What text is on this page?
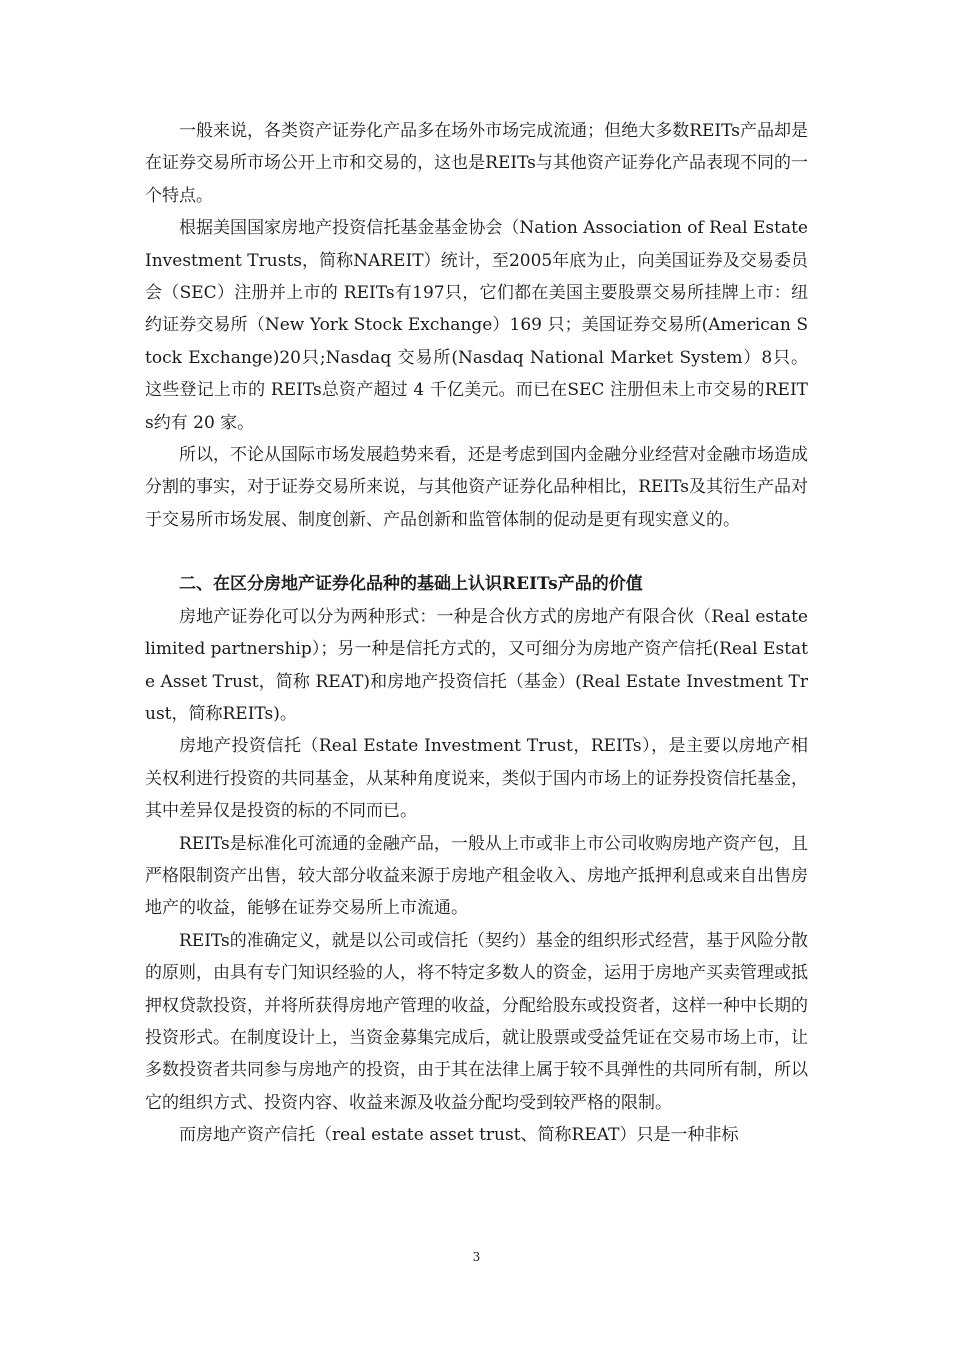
一般来说，各类资产证券化产品多在场外市场完成流通；但绝大多数REITs产品却是在证券交易所市场公开上市和交易的，这也是REITs与其他资产证券化产品表现不同的一个特点。

根据美国国家房地产投资信托基金基金协会（Nation Association of Real Estate Investment Trusts，简称NAREIT）统计，至2005年底为止，向美国证券及交易委员会（SEC）注册并上市的 REITs有197只，它们都在美国主要股票交易所挂牌上市：纽约证券交易所（New York Stock Exchange）169 只；美国证券交易所(American Stock Exchange)20只;Nasdaq 交易所(Nasdaq National Market System）8只。这些登记上市的 REITs总资产超过 4 千亿美元。而已在SEC 注册但未上市交易的REITs约有 20 家。

所以，不论从国际市场发展趋势来看，还是考虑到国内金融分业经营对金融市场造成分割的事实，对于证券交易所来说，与其他资产证券化品种相比，REITs及其衍生产品对于交易所市场发展、制度创新、产品创新和监管体制的促动是更有现实意义的。

二、在区分房地产证券化品种的基础上认识REITs产品的价值

房地产证券化可以分为两种形式：一种是合伙方式的房地产有限合伙（Real estate limited partnership）；另一种是信托方式的，又可细分为房地产资产信托(Real Estate Asset Trust，简称 REAT)和房地产投资信托（基金）(Real Estate Investment Trust，简称REITs)。

房地产投资信托（Real Estate Investment Trust，REITs），是主要以房地产相关权利进行投资的共同基金，从某种角度说来，类似于国内市场上的证券投资信托基金，其中差异仅是投资的标的不同而已。

REITs是标准化可流通的金融产品，一般从上市或非上市公司收购房地产资产包，且严格限制资产出售，较大部分收益来源于房地产租金收入、房地产抵押利息或来自出售房地产的收益，能够在证券交易所上市流通。

REITs的准确定义，就是以公司或信托（契约）基金的组织形式经营，基于风险分散的原则，由具有专门知识经验的人，将不特定多数人的资金，运用于房地产买卖管理或抵押权贷款投资，并将所获得房地产管理的收益，分配给股东或投资者，这样一种中长期的投资形式。在制度设计上，当资金募集完成后，就让股票或受益凭证在交易市场上市，让多数投资者共同参与房地产的投资，由于其在法律上属于较不具弹性的共同所有制，所以它的组织方式、投资内容、收益来源及收益分配均受到较严格的限制。

而房地产资产信托（real estate asset trust、简称REAT）只是一种非标

3
